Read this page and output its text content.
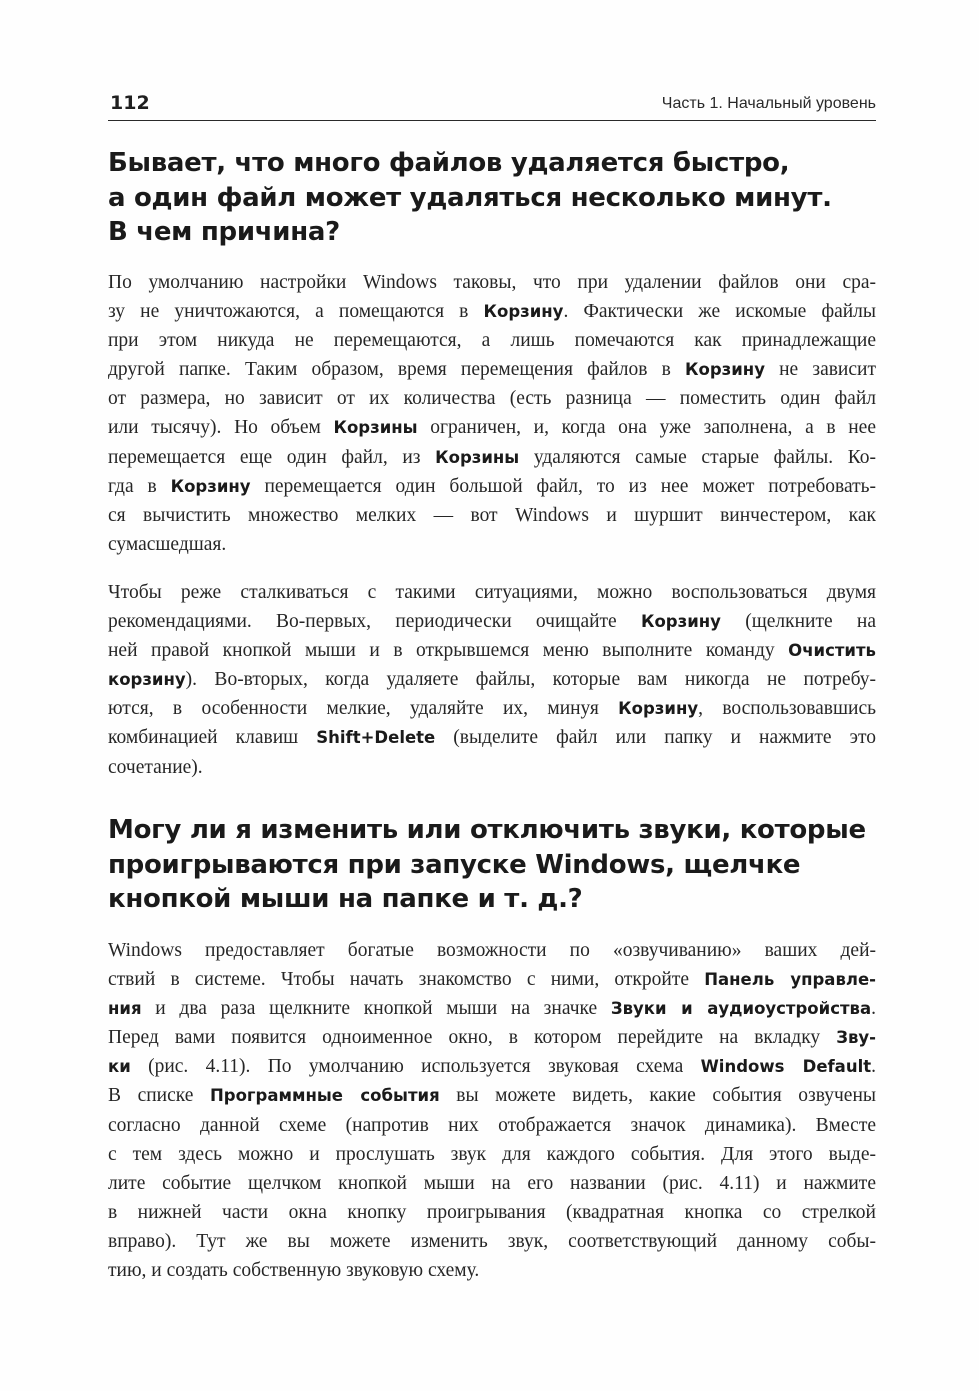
112	Часть 1. Начальный уровень
Бывает, что много файлов удаляется быстро,
а один файл может удаляться несколько минут.
В чем причина?
По умолчанию настройки Windows таковы, что при удалении файлов они сра-
зу не уничтожаются, а помещаются в Корзину. Фактически же искомые файлы
при этом никуда не перемещаются, а лишь помечаются как принадлежащие
другой папке. Таким образом, время перемещения файлов в Корзину не зависит
от размера, но зависит от их количества (есть разница — поместить один файл
или тысячу). Но объем Корзины ограничен, и, когда она уже заполнена, а в нее
перемещается еще один файл, из Корзины удаляются самые старые файлы. Ко-
гда в Корзину перемещается один большой файл, то из нее может потребовать-
ся вычистить множество мелких — вот Windows и шуршит винчестером, как
сумасшедшая.
Чтобы реже сталкиваться с такими ситуациями, можно воспользоваться двумя
рекомендациями. Во-первых, периодически очищайте Корзину (щелкните на
ней правой кнопкой мыши и в открывшемся меню выполните команду Очистить
корзину). Во-вторых, когда удаляете файлы, которые вам никогда не потребу-
ются, в особенности мелкие, удаляйте их, минуя Корзину, воспользовавшись
комбинацией клавиш Shift+Delete (выделите файл или папку и нажмите это
сочетание).
Могу ли я изменить или отключить звуки, которые
проигрываются при запуске Windows, щелчке
кнопкой мыши на папке и т. д.?
Windows предоставляет богатые возможности по «озвучиванию» ваших дей-
ствий в системе. Чтобы начать знакомство с ними, откройте Панель управле-
ния и два раза щелкните кнопкой мыши на значке Звуки и аудиоустройства.
Перед вами появится одноименное окно, в котором перейдите на вкладку Зву-
ки (рис. 4.11). По умолчанию используется звуковая схема Windows Default.
В списке Программные события вы можете видеть, какие события озвучены
согласно данной схеме (напротив них отображается значок динамика). Вместе
с тем здесь можно и прослушать звук для каждого события. Для этого выде-
лите событие щелчком кнопкой мыши на его названии (рис. 4.11) и нажмите
в нижней части окна кнопку проигрывания (квадратная кнопка со стрелкой
вправо). Тут же вы можете изменить звук, соответствующий данному собы-
тию, и создать собственную звуковую схему.
